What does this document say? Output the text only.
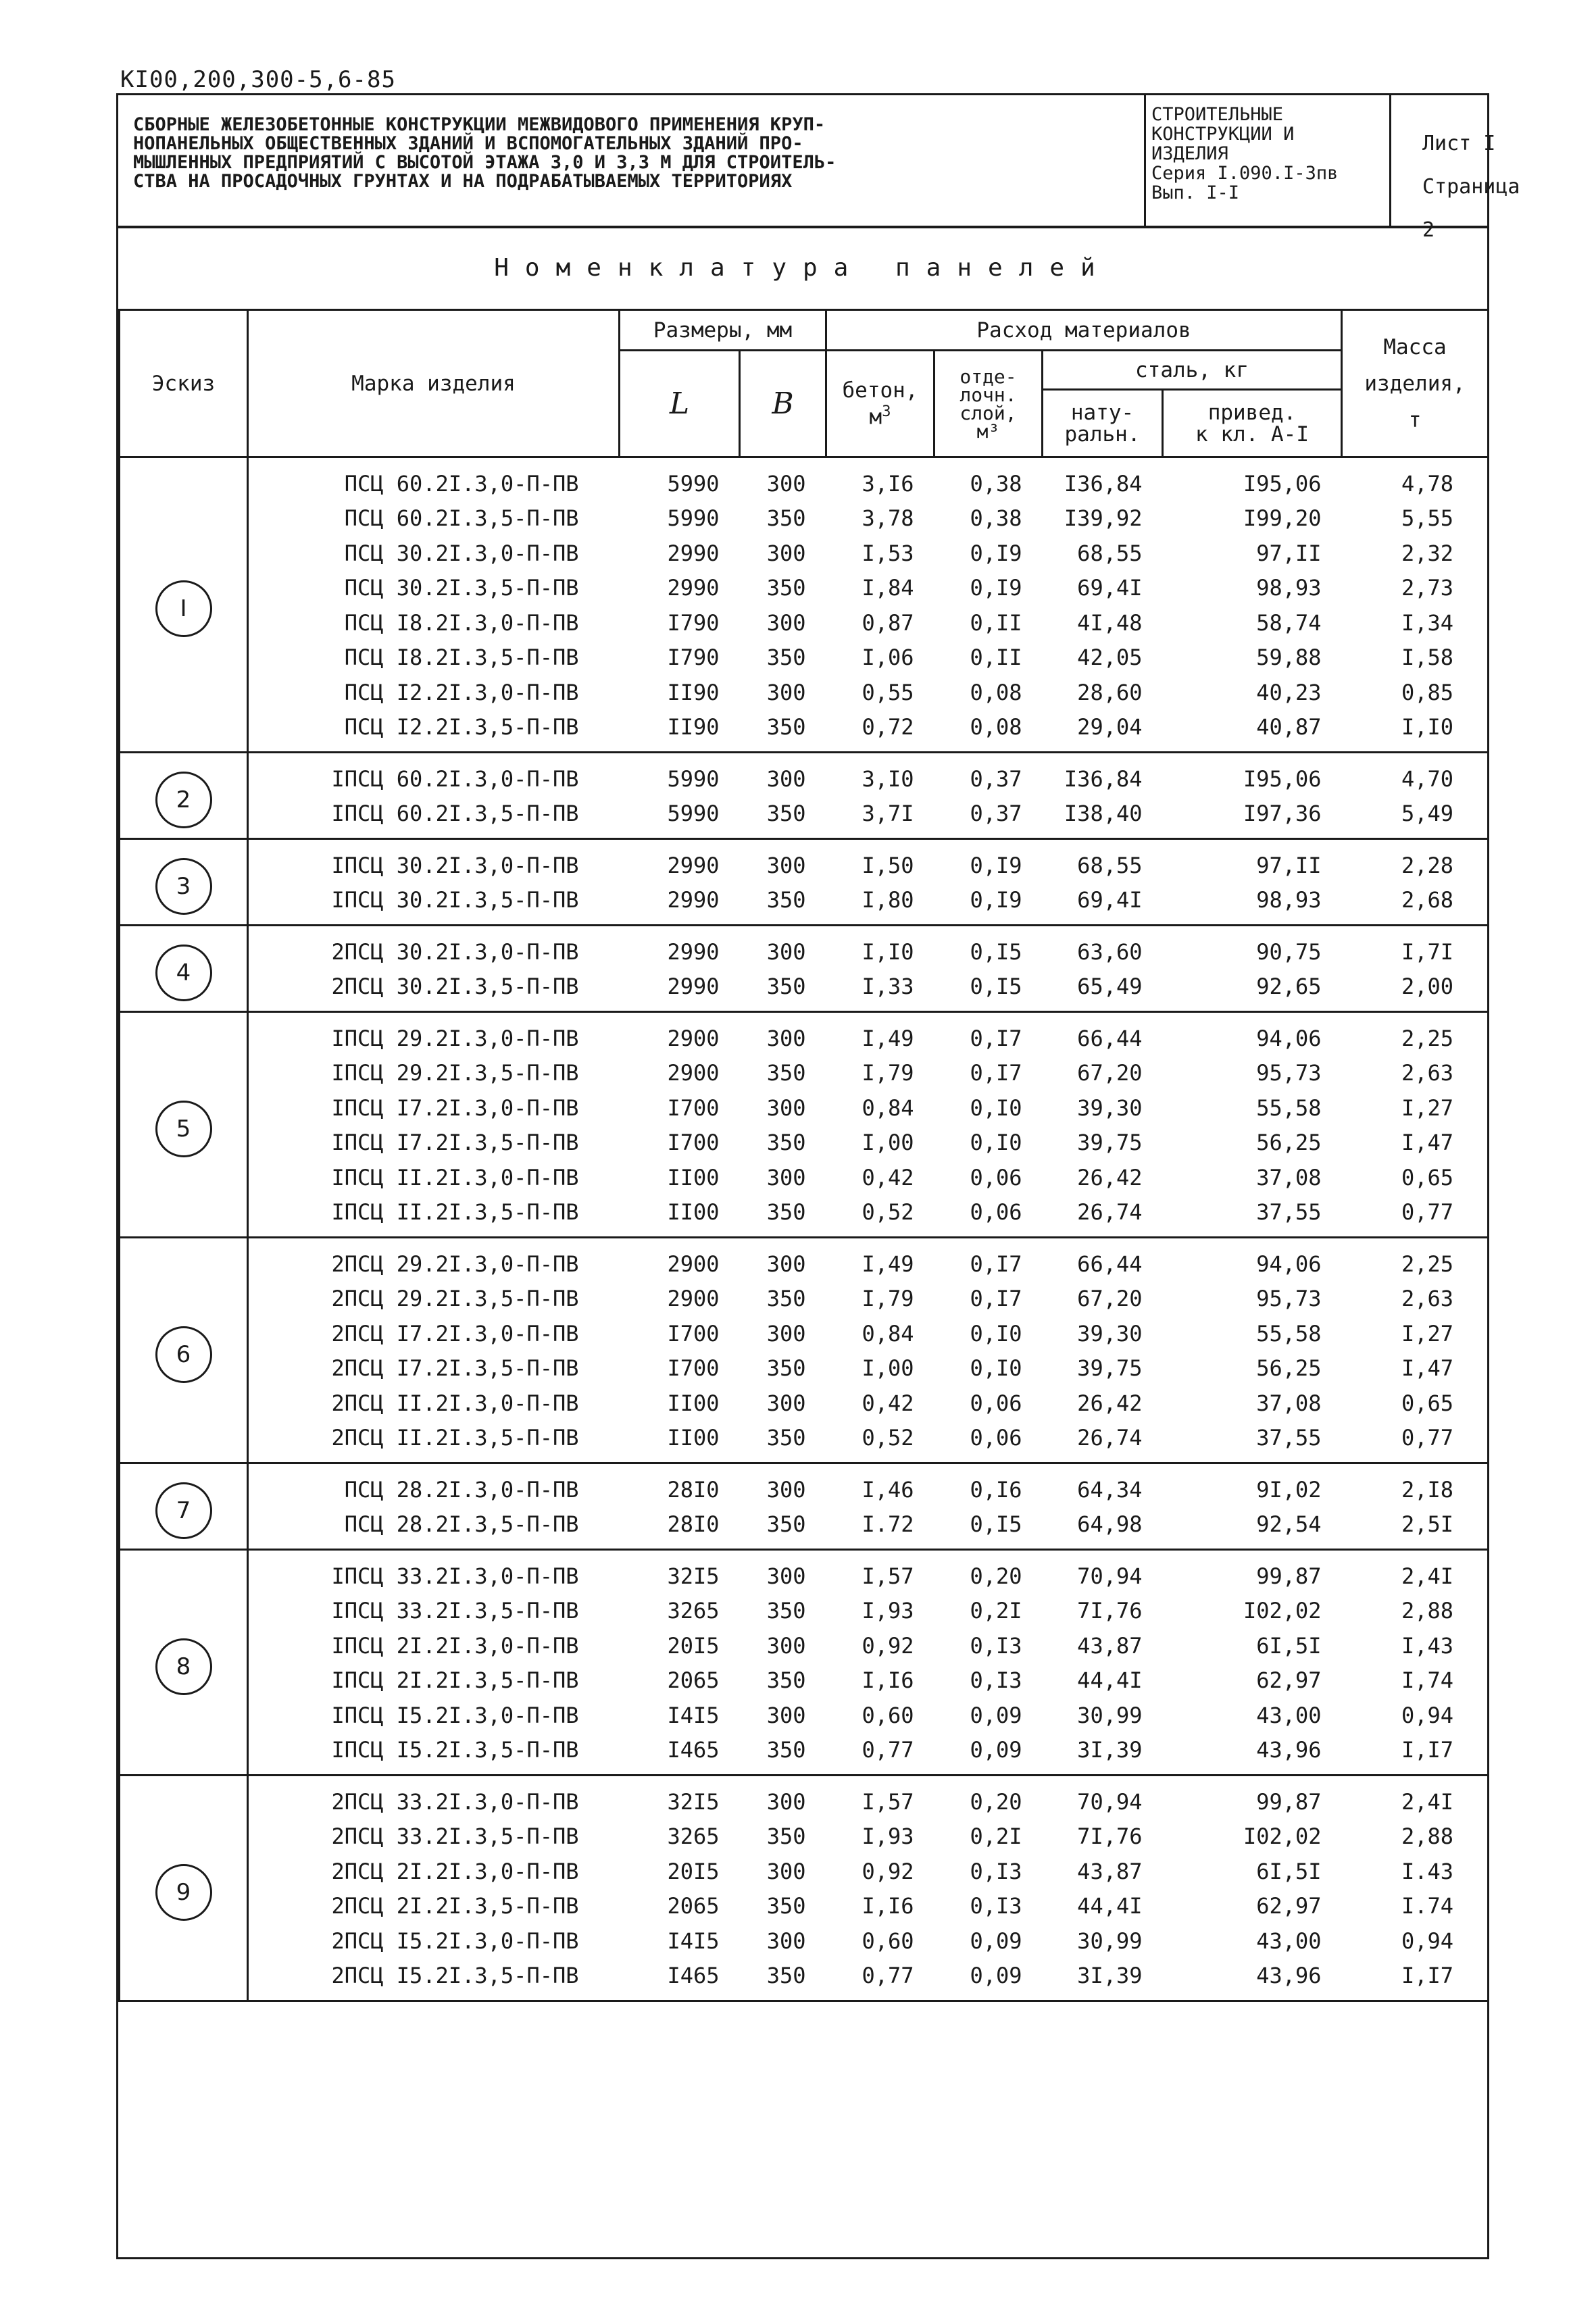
КI00,200,300-5,6-85
СБОРНЫЕ ЖЕЛЕЗОБЕТОННЫЕ КОНСТРУКЦИИ МЕЖВИДОВОГО ПРИМЕНЕНИЯ КРУП-
НОПАНЕЛЬНЫХ ОБЩЕСТВЕННЫХ ЗДАНИЙ И ВСПОМОГАТЕЛЬНЫХ ЗДАНИЙ ПРО-
МЫШЛЕННЫХ ПРЕДПРИЯТИЙ С ВЫСОТОЙ ЭТАЖА 3,0 И 3,3 М ДЛЯ СТРОИТЕЛЬ-
СТВА НА ПРОСАДОЧНЫХ ГРУНТАХ И НА ПОДРАБАТЫВАЕМЫХ ТЕРРИТОРИЯХ
СТРОИТЕЛЬНЫЕ
КОНСТРУКЦИИ И
ИЗДЕЛИЯ
Серия I.090.I-3пв
Вып. I-I
Лист I
Страница 2
Номенклатура панелей
Эскиз	Марка изделия	Размеры, мм		Расход материалов				Масса
изделия,
т
		L	B	бетон, $м^3$	отде-
лочн.
слой,
м³	сталь, кг		
						нату-
ральн.	привед.
к кл. А-I	
I	ПСЦ 60.2I.3,0-П-ПВ	5990	300	3,I6	0,38	I36,84	I95,06	4,78
	ПСЦ 60.2I.3,5-П-ПВ	5990	350	3,78	0,38	I39,92	I99,20	5,55
	ПСЦ 30.2I.3,0-П-ПВ	2990	300	I,53	0,I9	68,55	97,II	2,32
	ПСЦ 30.2I.3,5-П-ПВ	2990	350	I,84	0,I9	69,4I	98,93	2,73
	ПСЦ I8.2I.3,0-П-ПВ	I790	300	0,87	0,II	4I,48	58,74	I,34
	ПСЦ I8.2I.3,5-П-ПВ	I790	350	I,06	0,II	42,05	59,88	I,58
	ПСЦ I2.2I.3,0-П-ПВ	II90	300	0,55	0,08	28,60	40,23	0,85
	ПСЦ I2.2I.3,5-П-ПВ	II90	350	0,72	0,08	29,04	40,87	I,I0
2	IПСЦ 60.2I.3,0-П-ПВ	5990	300	3,I0	0,37	I36,84	I95,06	4,70
	IПСЦ 60.2I.3,5-П-ПВ	5990	350	3,7I	0,37	I38,40	I97,36	5,49
3	IПСЦ 30.2I.3,0-П-ПВ	2990	300	I,50	0,I9	68,55	97,II	2,28
	IПСЦ 30.2I.3,5-П-ПВ	2990	350	I,80	0,I9	69,4I	98,93	2,68
4	2ПСЦ 30.2I.3,0-П-ПВ	2990	300	I,I0	0,I5	63,60	90,75	I,7I
	2ПСЦ 30.2I.3,5-П-ПВ	2990	350	I,33	0,I5	65,49	92,65	2,00
5	IПСЦ 29.2I.3,0-П-ПВ	2900	300	I,49	0,I7	66,44	94,06	2,25
	IПСЦ 29.2I.3,5-П-ПВ	2900	350	I,79	0,I7	67,20	95,73	2,63
	IПСЦ I7.2I.3,0-П-ПВ	I700	300	0,84	0,I0	39,30	55,58	I,27
	IПСЦ I7.2I.3,5-П-ПВ	I700	350	I,00	0,I0	39,75	56,25	I,47
	IПСЦ II.2I.3,0-П-ПВ	II00	300	0,42	0,06	26,42	37,08	0,65
	IПСЦ II.2I.3,5-П-ПВ	II00	350	0,52	0,06	26,74	37,55	0,77
6	2ПСЦ 29.2I.3,0-П-ПВ	2900	300	I,49	0,I7	66,44	94,06	2,25
	2ПСЦ 29.2I.3,5-П-ПВ	2900	350	I,79	0,I7	67,20	95,73	2,63
	2ПСЦ I7.2I.3,0-П-ПВ	I700	300	0,84	0,I0	39,30	55,58	I,27
	2ПСЦ I7.2I.3,5-П-ПВ	I700	350	I,00	0,I0	39,75	56,25	I,47
	2ПСЦ II.2I.3,0-П-ПВ	II00	300	0,42	0,06	26,42	37,08	0,65
	2ПСЦ II.2I.3,5-П-ПВ	II00	350	0,52	0,06	26,74	37,55	0,77
7	ПСЦ 28.2I.3,0-П-ПВ	28I0	300	I,46	0,I6	64,34	9I,02	2,I8
	ПСЦ 28.2I.3,5-П-ПВ	28I0	350	I.72	0,I5	64,98	92,54	2,5I
8	IПСЦ 33.2I.3,0-П-ПВ	32I5	300	I,57	0,20	70,94	99,87	2,4I
	IПСЦ 33.2I.3,5-П-ПВ	3265	350	I,93	0,2I	7I,76	I02,02	2,88
	IПСЦ 2I.2I.3,0-П-ПВ	20I5	300	0,92	0,I3	43,87	6I,5I	I,43
	IПСЦ 2I.2I.3,5-П-ПВ	2065	350	I,I6	0,I3	44,4I	62,97	I,74
	IПСЦ I5.2I.3,0-П-ПВ	I4I5	300	0,60	0,09	30,99	43,00	0,94
	IПСЦ I5.2I.3,5-П-ПВ	I465	350	0,77	0,09	3I,39	43,96	I,I7
9	2ПСЦ 33.2I.3,0-П-ПВ	32I5	300	I,57	0,20	70,94	99,87	2,4I
	2ПСЦ 33.2I.3,5-П-ПВ	3265	350	I,93	0,2I	7I,76	I02,02	2,88
	2ПСЦ 2I.2I.3,0-П-ПВ	20I5	300	0,92	0,I3	43,87	6I,5I	I.43
	2ПСЦ 2I.2I.3,5-П-ПВ	2065	350	I,I6	0,I3	44,4I	62,97	I.74
	2ПСЦ I5.2I.3,0-П-ПВ	I4I5	300	0,60	0,09	30,99	43,00	0,94
	2ПСЦ I5.2I.3,5-П-ПВ	I465	350	0,77	0,09	3I,39	43,96	I,I7
